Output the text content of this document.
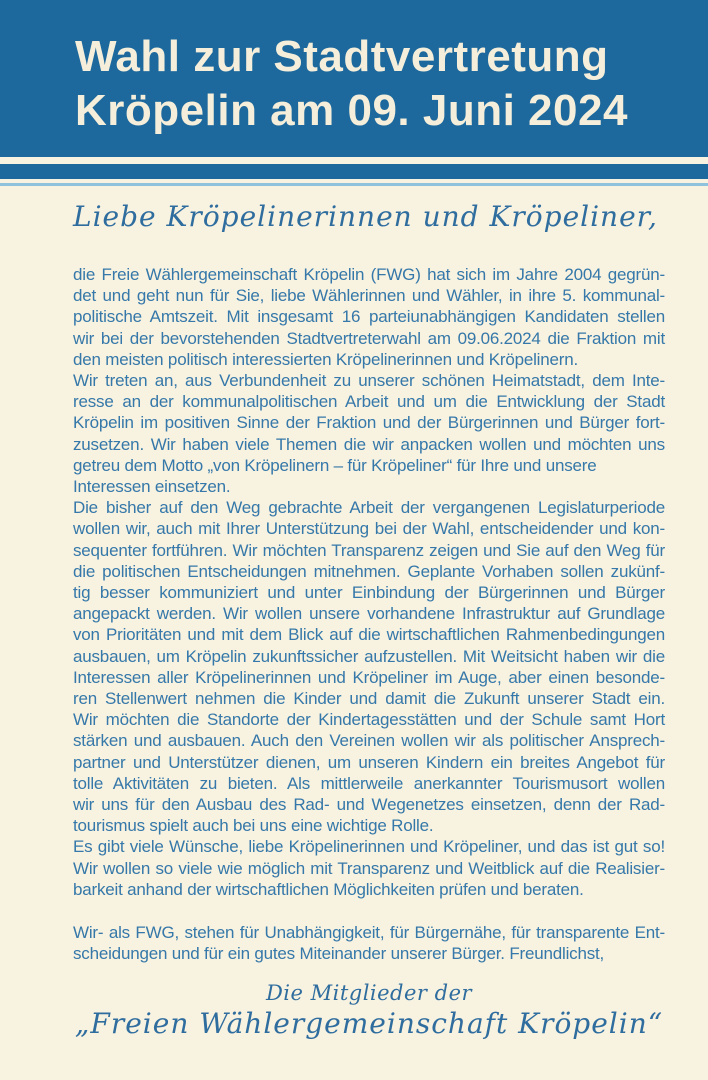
Wahl zur Stadtvertretung
Kröpelin am 09. Juni 2024
Liebe Kröpelinerinnen und Kröpeliner,
die Freie Wählergemeinschaft Kröpelin (FWG) hat sich im Jahre 2004 gegrün-
det und geht nun für Sie, liebe Wählerinnen und Wähler, in ihre 5. kommunal-
politische Amtszeit. Mit insgesamt 16 parteiunabhängigen Kandidaten stellen
wir bei der bevorstehenden Stadtvertreterwahl am 09.06.2024 die Fraktion mit
den meisten politisch interessierten Kröpelinerinnen und Kröpelinern.
Wir treten an, aus Verbundenheit zu unserer schönen Heimatstadt, dem Inte-
resse an der kommunalpolitischen Arbeit und um die Entwicklung der Stadt
Kröpelin im positiven Sinne der Fraktion und der Bürgerinnen und Bürger fort-
zusetzen. Wir haben viele Themen die wir anpacken wollen und möchten uns
getreu dem Motto „von Kröpelinern – für Kröpeliner“ für Ihre und unsere
Interessen einsetzen.
Die bisher auf den Weg gebrachte Arbeit der vergangenen Legislaturperiode
wollen wir, auch mit Ihrer Unterstützung bei der Wahl, entscheidender und kon-
sequenter fortführen. Wir möchten Transparenz zeigen und Sie auf den Weg für
die politischen Entscheidungen mitnehmen. Geplante Vorhaben sollen zukünf-
tig besser kommuniziert und unter Einbindung der Bürgerinnen und Bürger
angepackt werden. Wir wollen unsere vorhandene Infrastruktur auf Grundlage
von Prioritäten und mit dem Blick auf die wirtschaftlichen Rahmenbedingungen
ausbauen, um Kröpelin zukunftssicher aufzustellen. Mit Weitsicht haben wir die
Interessen aller Kröpelinerinnen und Kröpeliner im Auge, aber einen besonde-
ren Stellenwert nehmen die Kinder und damit die Zukunft unserer Stadt ein.
Wir möchten die Standorte der Kindertagesstätten und der Schule samt Hort
stärken und ausbauen. Auch den Vereinen wollen wir als politischer Ansprech-
partner und Unterstützer dienen, um unseren Kindern ein breites Angebot für
tolle Aktivitäten zu bieten. Als mittlerweile anerkannter Tourismusort wollen
wir uns für den Ausbau des Rad- und Wegenetzes einsetzen, denn der Rad-
tourismus spielt auch bei uns eine wichtige Rolle.
Es gibt viele Wünsche, liebe Kröpelinerinnen und Kröpeliner, und das ist gut so!
Wir wollen so viele wie möglich mit Transparenz und Weitblick auf die Realisier-
barkeit anhand der wirtschaftlichen Möglichkeiten prüfen und beraten.
Wir- als FWG, stehen für Unabhängigkeit, für Bürgernähe, für transparente Ent-
scheidungen und für ein gutes Miteinander unserer Bürger. Freundlichst,
Die Mitglieder der
„Freien Wählergemeinschaft Kröpelin“
